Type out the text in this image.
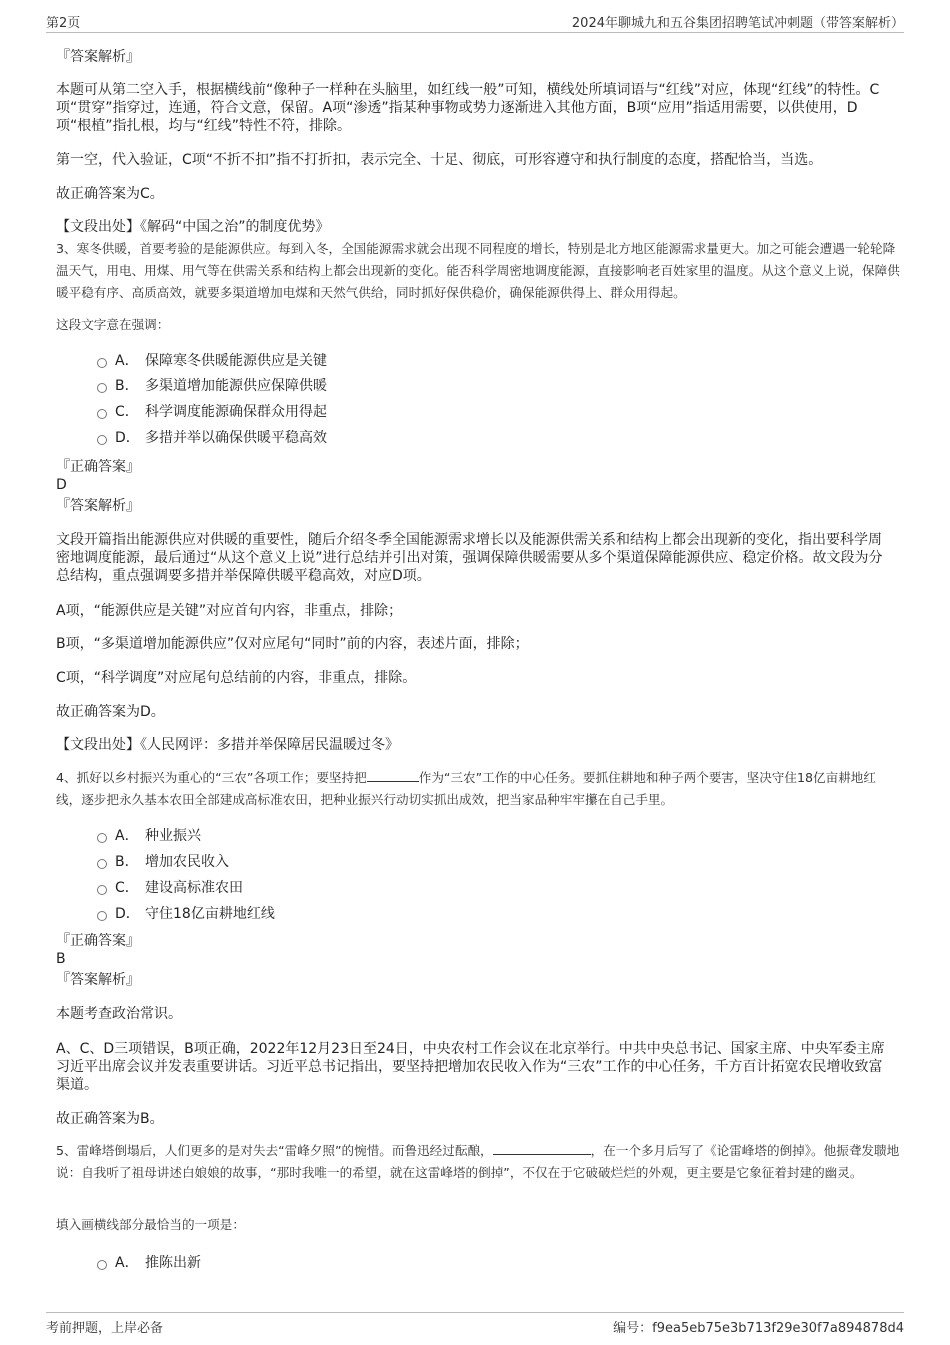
第2页	2024年聊城九和五谷集团招聘笔试冲刺题（带答案解析）
『答案解析』
本题可从第二空入手，根据横线前“像种子一样种在头脑里，如红线一般”可知，横线处所填词语与“红线”对应，体现“红线”的特性。C项“贯穿”指穿过，连通，符合文意，保留。A项“渗透”指某种事物或势力逐渐进入其他方面，B项“应用”指适用需要，以供使用，D项“根植”指扎根，均与“红线”特性不符，排除。
第一空，代入验证，C项“不折不扣”指不打折扣，表示完全、十足、彻底，可形容遵守和执行制度的态度，搭配恰当，当选。
故正确答案为C。
【文段出处】《解码“中国之治”的制度优势》
3、寒冬供暖，首要考验的是能源供应。每到入冬，全国能源需求就会出现不同程度的增长，特别是北方地区能源需求量更大。加之可能会遭遇一轮轮降温天气，用电、用煤、用气等在供需关系和结构上都会出现新的变化。能否科学周密地调度能源，直接影响老百姓家里的温度。从这个意义上说，保障供暖平稳有序、高质高效，就要多渠道增加电煤和天然气供给，同时抓好保供稳价，确保能源供得上、群众用得起。
这段文字意在强调：
A． 保障寒冬供暖能源供应是关键
B． 多渠道增加能源供应保障供暖
C． 科学调度能源确保群众用得起
D． 多措并举以确保供暖平稳高效
『正确答案』
D
『答案解析』
文段开篇指出能源供应对供暖的重要性，随后介绍冬季全国能源需求增长以及能源供需关系和结构上都会出现新的变化，指出要科学周密地调度能源，最后通过“从这个意义上说”进行总结并引出对策，强调保障供暖需要从多个渠道保障能源供应、稳定价格。故文段为分总结构，重点强调要多措并举保障供暖平稳高效，对应D项。
A项，“能源供应是关键”对应首句内容，非重点，排除；
B项，“多渠道增加能源供应”仅对应尾句“同时”前的内容，表述片面，排除；
C项，“科学调度”对应尾句总结前的内容，非重点，排除。
故正确答案为D。
【文段出处】《人民网评：多措并举保障居民温暖过冬》
4、抓好以乡村振兴为重心的“三农”各项工作；要坚持把	作为“三农”工作的中心任务。要抓住耕地和种子两个要害，坚决守住18亿亩耕地红线，逐步把永久基本农田全部建成高标准农田，把种业振兴行动切实抓出成效，把当家品种牢牢攥在自己手里。
A． 种业振兴
B． 增加农民收入
C． 建设高标准农田
D． 守住18亿亩耕地红线
『正确答案』
B
『答案解析』
本题考查政治常识。
A、C、D三项错误，B项正确，2022年12月23日至24日，中央农村工作会议在北京举行。中共中央总书记、国家主席、中央军委主席习近平出席会议并发表重要讲话。习近平总书记指出，要坚持把增加农民收入作为“三农”工作的中心任务，千方百计拓宽农民增收致富渠道。
故正确答案为B。
5、雷峰塔倒塌后，人们更多的是对失去“雷峰夕照”的惋惜。而鲁迅经过酝酿，	，在一个多月后写了《论雷峰塔的倒掉》。他振聋发聩地说：自我听了祖母讲述白娘娘的故事，“那时我唯一的希望，就在这雷峰塔的倒掉”，不仅在于它破破烂烂的外观，更主要是它象征着封建的幽灵。
填入画横线部分最恰当的一项是：
A． 推陈出新
考前押题，上岸必备	编号：f9ea5eb75e3b713f29e30f7a894878d4
